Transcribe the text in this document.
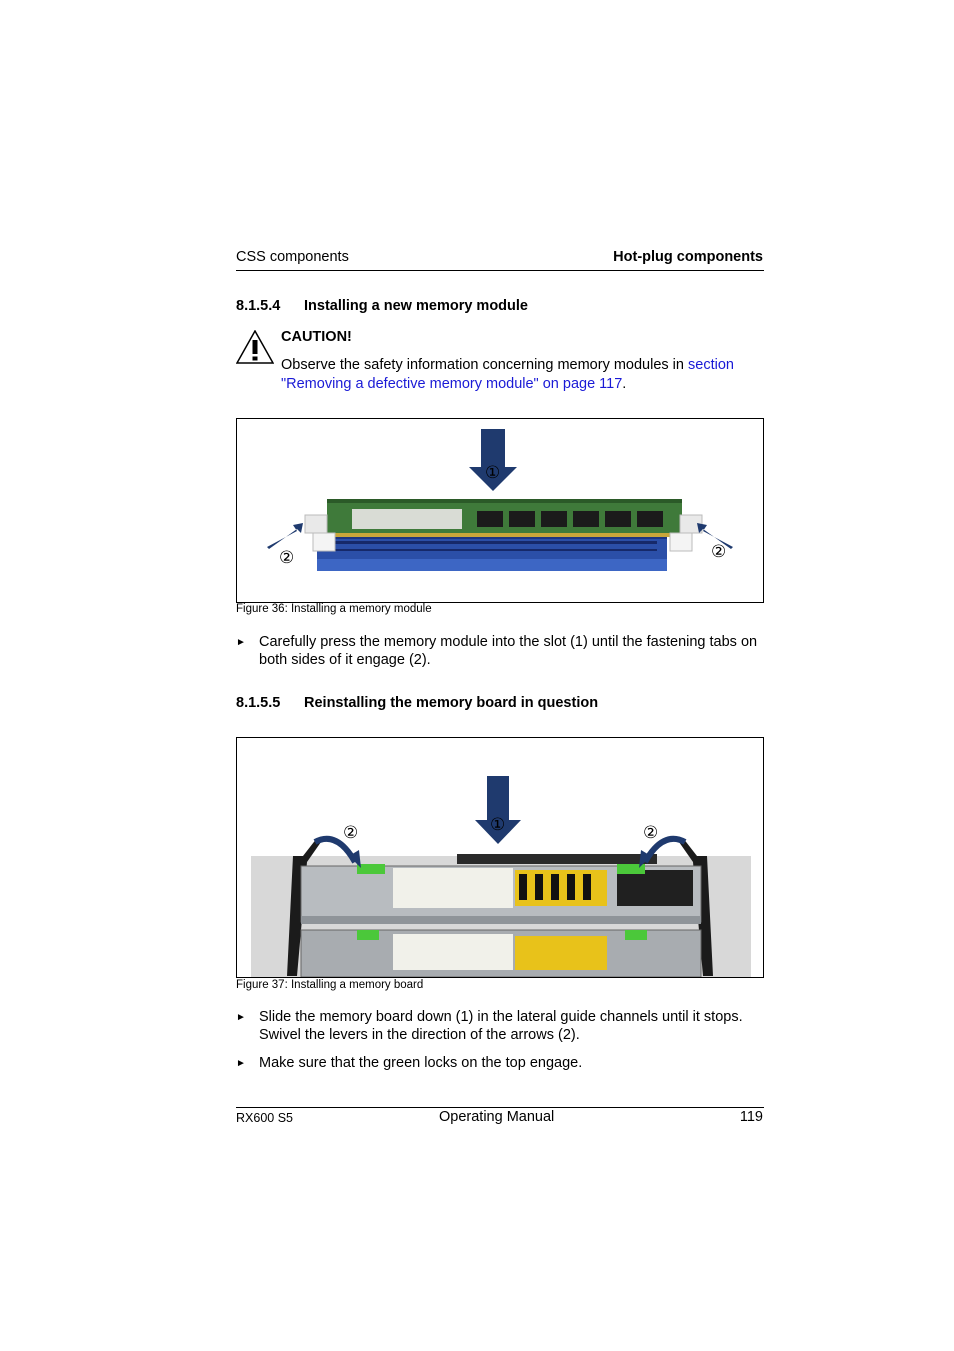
CSS components	Hot-plug components
8.1.5.4 Installing a new memory module
CAUTION!
Observe the safety information concerning memory modules in section "Removing a defective memory module" on page 117.
①
②	②
Figure 36: Installing a memory module
► Carefully press the memory module into the slot (1) until the fastening tabs on both sides of it engage (2).
8.1.5.5 Reinstalling the memory board in question
①
②	②
Figure 37: Installing a memory board
► Slide the memory board down (1) in the lateral guide channels until it stops. Swivel the levers in the direction of the arrows (2).
► Make sure that the green locks on the top engage.
RX600 S5	Operating Manual	119
